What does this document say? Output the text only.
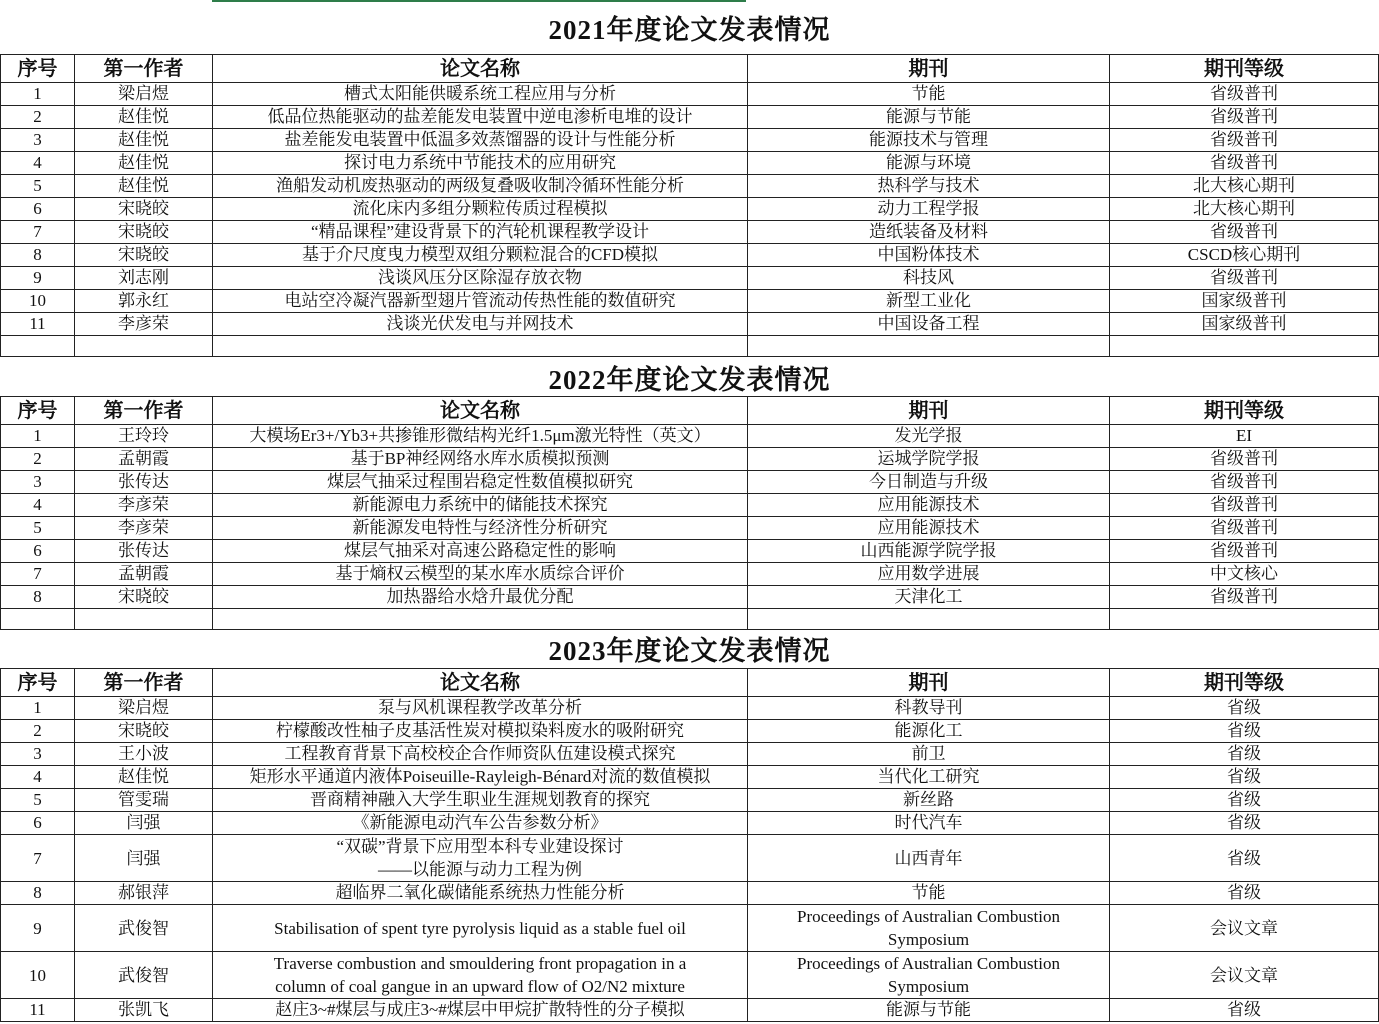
2021年度论文发表情况
序号	第一作者	论文名称	期刊	期刊等级
1	梁启煜	槽式太阳能供暖系统工程应用与分析	节能	省级普刊
2	赵佳悦	低品位热能驱动的盐差能发电装置中逆电渗析电堆的设计	能源与节能	省级普刊
3	赵佳悦	盐差能发电装置中低温多效蒸馏器的设计与性能分析	能源技术与管理	省级普刊
4	赵佳悦	探讨电力系统中节能技术的应用研究	能源与环境	省级普刊
5	赵佳悦	渔船发动机废热驱动的两级复叠吸收制冷循环性能分析	热科学与技术	北大核心期刊
6	宋晓皎	流化床内多组分颗粒传质过程模拟	动力工程学报	北大核心期刊
7	宋晓皎	“精品课程”建设背景下的汽轮机课程教学设计	造纸装备及材料	省级普刊
8	宋晓皎	基于介尺度曳力模型双组分颗粒混合的CFD模拟	中国粉体技术	CSCD核心期刊
9	刘志刚	浅谈风压分区除湿存放衣物	科技风	省级普刊
10	郭永红	电站空冷凝汽器新型翅片管流动传热性能的数值研究	新型工业化	国家级普刊
11	李彦荣	浅谈光伏发电与并网技术	中国设备工程	国家级普刊

2022年度论文发表情况
序号	第一作者	论文名称	期刊	期刊等级
1	王玲玲	大模场Er3+/Yb3+共掺锥形微结构光纤1.5μm激光特性（英文）	发光学报	EI
2	孟朝霞	基于BP神经网络水库水质模拟预测	运城学院学报	省级普刊
3	张传达	煤层气抽采过程围岩稳定性数值模拟研究	今日制造与升级	省级普刊
4	李彦荣	新能源电力系统中的储能技术探究	应用能源技术	省级普刊
5	李彦荣	新能源发电特性与经济性分析研究	应用能源技术	省级普刊
6	张传达	煤层气抽采对高速公路稳定性的影响	山西能源学院学报	省级普刊
7	孟朝霞	基于熵权云模型的某水库水质综合评价	应用数学进展	中文核心
8	宋晓皎	加热器给水焓升最优分配	天津化工	省级普刊

2023年度论文发表情况
序号	第一作者	论文名称	期刊	期刊等级
1	梁启煜	泵与风机课程教学改革分析	科教导刊	省级
2	宋晓皎	柠檬酸改性柚子皮基活性炭对模拟染料废水的吸附研究	能源化工	省级
3	王小波	工程教育背景下高校校企合作师资队伍建设模式探究	前卫	省级
4	赵佳悦	矩形水平通道内液体Poiseuille-Rayleigh-Bénard对流的数值模拟	当代化工研究	省级
5	管雯瑞	晋商精神融入大学生职业生涯规划教育的探究	新丝路	省级
6	闫强	《新能源电动汽车公告参数分析》	时代汽车	省级
7	闫强	“双碳”背景下应用型本科专业建设探讨
——以能源与动力工程为例	山西青年	省级
8	郝银萍	超临界二氧化碳储能系统热力性能分析	节能	省级
9	武俊智	Stabilisation of spent tyre pyrolysis liquid as a stable fuel oil	Proceedings of Australian Combustion Symposium	会议文章
10	武俊智	Traverse combustion and smouldering front propagation in a column of coal gangue in an upward flow of O2/N2 mixture	Proceedings of Australian Combustion Symposium	会议文章
11	张凯飞	赵庄3~#煤层与成庄3~#煤层中甲烷扩散特性的分子模拟	能源与节能	省级
